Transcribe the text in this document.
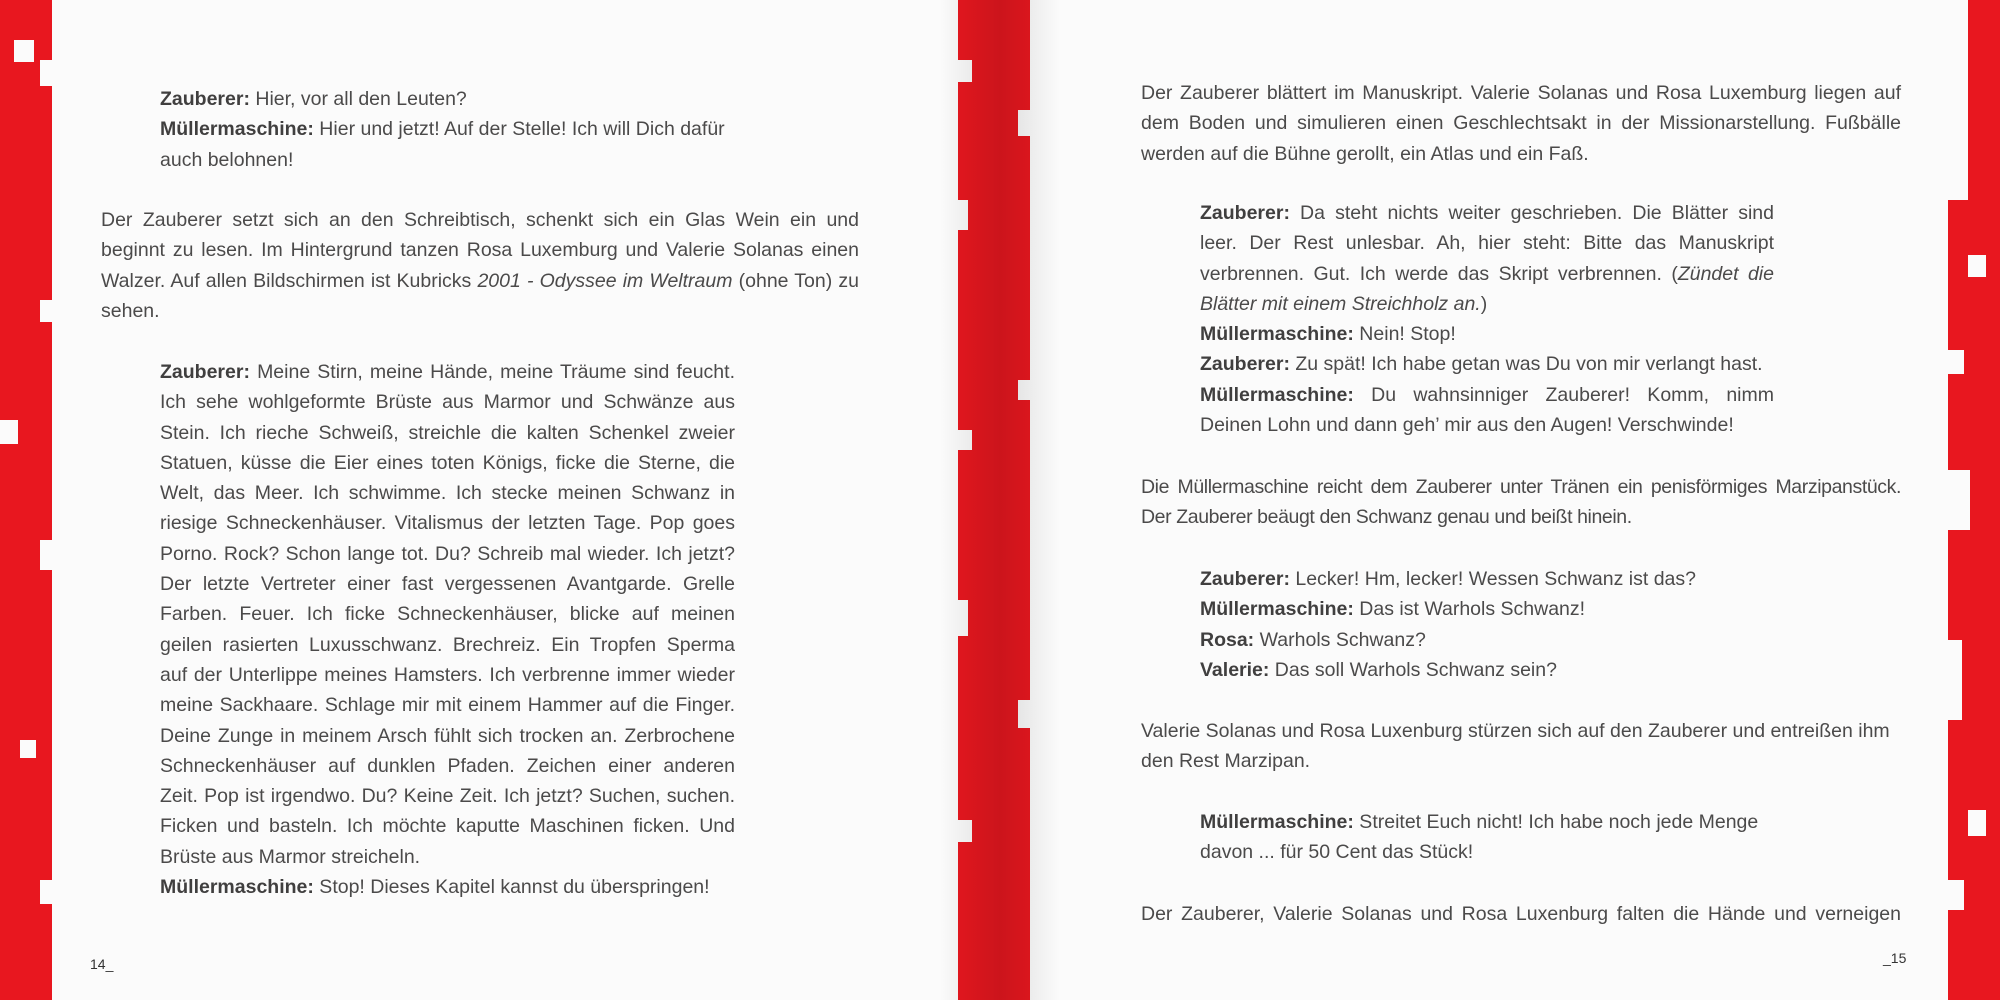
Zauberer: Hier, vor all den Leuten?

Müllermaschine: Hier und jetzt! Auf der Stelle! Ich will Dich dafür auch belohnen!

Der Zauberer setzt sich an den Schreibtisch, schenkt sich ein Glas Wein ein und beginnt zu lesen. Im Hintergrund tanzen Rosa Luxemburg und Valerie Solanas einen Walzer. Auf allen Bildschirmen ist Kubricks 2001 - Odyssee im Weltraum (ohne Ton) zu sehen.

Zauberer: Meine Stirn, meine Hände, meine Träume sind feucht. Ich sehe wohlgeformte Brüste aus Marmor und Schwänze aus Stein. Ich rieche Schweiß, streichle die kalten Schenkel zweier Statuen, küsse die Eier eines toten Königs, ficke die Sterne, die Welt, das Meer. Ich schwimme. Ich stecke meinen Schwanz in riesige Schneckenhäuser. Vitalismus der letzten Tage. Pop goes Porno. Rock? Schon lange tot. Du? Schreib mal wieder. Ich jetzt? Der letzte Vertreter einer fast vergessenen Avantgarde. Grelle Farben. Feuer. Ich ficke Schneckenhäuser, blicke auf meinen geilen rasierten Luxusschwanz. Brechreiz. Ein Tropfen Sperma auf der Unterlippe meines Hamsters. Ich verbrenne immer wieder meine Sackhaare. Schlage mir mit einem Hammer auf die Finger. Deine Zunge in meinem Arsch fühlt sich trocken an. Zerbrochene Schneckenhäuser auf dunklen Pfaden. Zeichen einer anderen Zeit. Pop ist irgendwo. Du? Keine Zeit. Ich jetzt? Suchen, suchen. Ficken und basteln. Ich möchte kaputte Maschinen ficken. Und Brüste aus Marmor streicheln.

Müllermaschine: Stop! Dieses Kapitel kannst du überspringen!

14_

Der Zauberer blättert im Manuskript. Valerie Solanas und Rosa Luxemburg liegen auf dem Boden und simulieren einen Geschlechtsakt in der Missionarstellung. Fußbälle werden auf die Bühne gerollt, ein Atlas und ein Faß.

Zauberer: Da steht nichts weiter geschrieben. Die Blätter sind leer. Der Rest unlesbar. Ah, hier steht: Bitte das Manuskript verbrennen. Gut. Ich werde das Skript verbrennen. (Zündet die Blätter mit einem Streichholz an.)

Müllermaschine: Nein! Stop!

Zauberer: Zu spät! Ich habe getan was Du von mir verlangt hast.

Müllermaschine: Du wahnsinniger Zauberer! Komm, nimm Deinen Lohn und dann geh’ mir aus den Augen! Verschwinde!

Die Müllermaschine reicht dem Zauberer unter Tränen ein penisförmiges Marzipanstück. Der Zauberer beäugt den Schwanz genau und beißt hinein.

Zauberer: Lecker! Hm, lecker! Wessen Schwanz ist das?

Müllermaschine: Das ist Warhols Schwanz!

Rosa: Warhols Schwanz?

Valerie: Das soll Warhols Schwanz sein?

Valerie Solanas und Rosa Luxenburg stürzen sich auf den Zauberer und entreißen ihm den Rest Marzipan.

Müllermaschine: Streitet Euch nicht! Ich habe noch jede Menge davon ... für 50 Cent das Stück!

Der Zauberer, Valerie Solanas und Rosa Luxenburg falten die Hände und verneigen

_15
